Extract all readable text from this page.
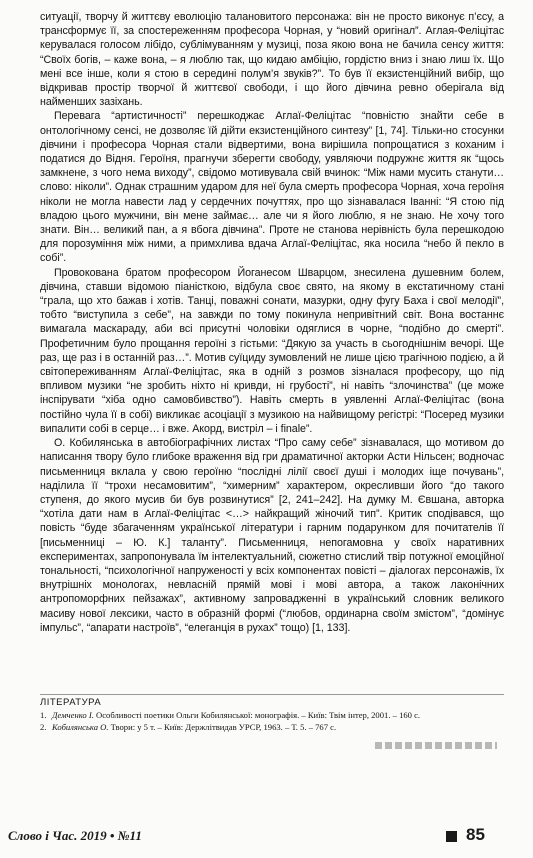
ситуації, творчу й життєву еволюцію талановитого персонажа: він не просто виконує п’єсу, а трансформує її, за спостереженням професора Чорная, у “новий оригінал”. Аглая-Феліцітас керувалася голосом лібідо, сублімуванням у музиці, поза якою вона не бачила сенсу життя: “Своїх богів, – каже вона, – я люблю так, що кидаю амбіцію, гордістю вниз і знаю лиш їх. Що мені все інше, коли я стою в середині полум’я звуків?”. То був її екзистенційний вибір, що відкривав простір творчої й життєвої свободи, і що його дівчина ревно оберігала від найменших зазіхань.

Перевага “артистичності” перешкоджає Аглаї-Феліцітас “повністю знайти себе в онтологічному сенсі, не дозволяє їй дійти екзистенційного синтезу” [1, 74]. Тільки-но стосунки дівчини і професора Чорная стали відвертими, вона вирішила попрощатися з коханим і податися до Відня. Героїня, прагнучи зберегти свободу, уявляючи подружнє життя як “щось замкнене, з чого нема виходу”, свідомо мотивувала свій вчинок: “Між нами мусить станути… слово: ніколи”. Однак страшним ударом для неї була смерть професора Чорная, хоча героїня ніколи не могла навести лад у сердечних почуттях, про що зізнавалася Іванні: “Я стою під владою цього мужчини, він мене займає… але чи я його люблю, я не знаю. Не хочу того знати. Він… великий пан, а я вбога дівчина”. Проте не станова нерівність була перешкодою для порозуміння між ними, а примхлива вдача Аглаї-Феліцітас, яка носила “небо й пекло в собі”.

Провокована братом професором Йоганесом Шварцом, знесилена душевним болем, дівчина, ставши відомою піаністкою, відбула своє свято, на якому в екстатичному стані “грала, що хто бажав і хотів. Танці, поважні сонати, мазурки, одну фугу Баха і свої мелодії”, тобто “виступила з себе”, на завжди по тому покинула непривітний світ. Вона востаннє вимагала маскараду, аби всі присутні чоловіки одяглися в чорне, “подібно до смерті”. Профетичним було прощання героїні з гістьми: “Дякую за участь в сьогоднішнім вечорі. Ще раз, ще раз і в останній раз…”. Мотив суїциду зумовлений не лише цією трагічною подією, а й світопереживанням Аглаї-Феліцітас, яка в одній з розмов зізналася професору, що під впливом музики “не зробить ніхто ні кривди, ні грубості”, ні навіть “злочинства” (це може інспірувати “хіба одно самовбивство”). Навіть смерть в уявленні Аглаї-Феліцітас (вона постійно чула її в собі) викликає асоціації з музикою на найвищому регістрі: “Посеред музики випалити собі в серце… і вже. Акорд, вистріл – і finale”.

О. Кобилянська в автобіографічних листах “Про саму себе” зізнавалася, що мотивом до написання твору було глибоке враження від гри драматичної акторки Асти Нільсен; водночас письменниця вклала у свою героїню “послідні лілії своєї душі і молодих іще почувань”, наділила її “трохи несамовитим”, “химерним” характером, окресливши його “до такого ступеня, до якого мусив би був розвинутися” [2, 241–242]. На думку М. Євшана, авторка “хотіла дати нам в Аглаї-Феліцітас <…> найкращий жіночий тип”. Критик сподівався, що повість “буде збагаченням української літератури і гарним подарунком для почитателів її [письменниці – Ю. К.] таланту”. Письменниця, непогамовна у своїх наративних експериментах, запропонувала їм інтелектуальний, сюжетно стислий твір потужної емоційної тональності, “психологічної напруженості у всіх компонентах повісті – діалогах персонажів, їх внутрішніх монологах, невласній прямій мові і мові автора, а також лаконічних антропоморфних пейзажах”, активному запровадженні в український словник великого масиву нової лексики, часто в образній формі (“любов, ординарна своїм змістом”, “домінує імпульс”, “апарати настроїв”, “елеганція в рухах” тощо) [1, 133].

ЛІТЕРАТУРА
1. Демченко І. Особливості поетики Ольги Кобилянської: монографія. – Київ: Твім інтер, 2001. – 160 с.
2. Кобилянська О. Твори: у 5 т. – Київ: Держлітвидав УРСР, 1963. – Т. 5. – 767 с.
Слово і Час. 2019 • №11	85
